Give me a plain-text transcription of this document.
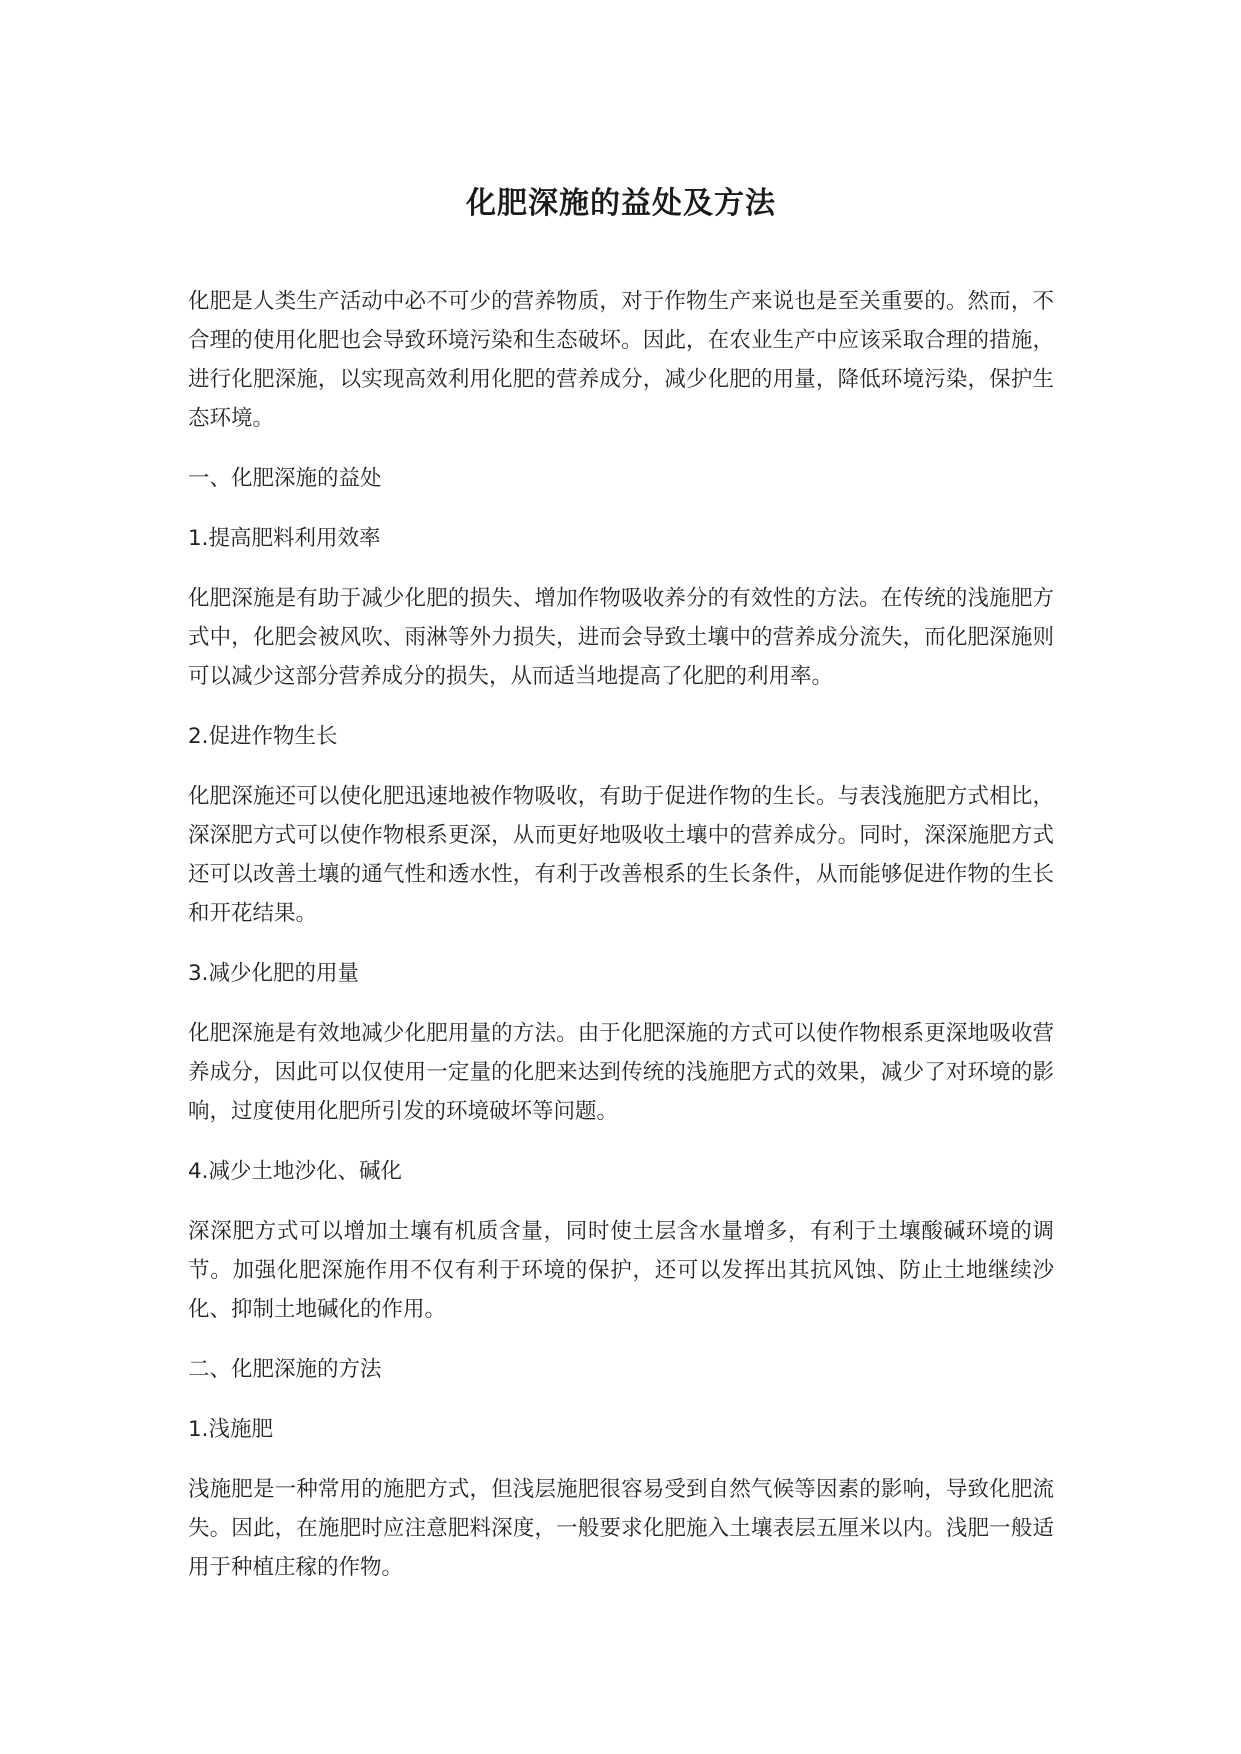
化肥深施的益处及方法

化肥是人类生产活动中必不可少的营养物质，对于作物生产来说也是至关重要的。然而，不合理的使用化肥也会导致环境污染和生态破坏。因此，在农业生产中应该采取合理的措施，进行化肥深施，以实现高效利用化肥的营养成分，减少化肥的用量，降低环境污染，保护生态环境。

一、化肥深施的益处

1.提高肥料利用效率

化肥深施是有助于减少化肥的损失、增加作物吸收养分的有效性的方法。在传统的浅施肥方式中，化肥会被风吹、雨淋等外力损失，进而会导致土壤中的营养成分流失，而化肥深施则可以减少这部分营养成分的损失，从而适当地提高了化肥的利用率。

2.促进作物生长

化肥深施还可以使化肥迅速地被作物吸收，有助于促进作物的生长。与表浅施肥方式相比，深深肥方式可以使作物根系更深，从而更好地吸收土壤中的营养成分。同时，深深施肥方式还可以改善土壤的通气性和透水性，有利于改善根系的生长条件，从而能够促进作物的生长和开花结果。

3.减少化肥的用量

化肥深施是有效地减少化肥用量的方法。由于化肥深施的方式可以使作物根系更深地吸收营养成分，因此可以仅使用一定量的化肥来达到传统的浅施肥方式的效果，减少了对环境的影响，过度使用化肥所引发的环境破坏等问题。

4.减少土地沙化、碱化

深深肥方式可以增加土壤有机质含量，同时使土层含水量增多，有利于土壤酸碱环境的调节。加强化肥深施作用不仅有利于环境的保护，还可以发挥出其抗风蚀、防止土地继续沙化、抑制土地碱化的作用。

二、化肥深施的方法

1.浅施肥

浅施肥是一种常用的施肥方式，但浅层施肥很容易受到自然气候等因素的影响，导致化肥流失。因此，在施肥时应注意肥料深度，一般要求化肥施入土壤表层五厘米以内。浅肥一般适用于种植庄稼的作物。
